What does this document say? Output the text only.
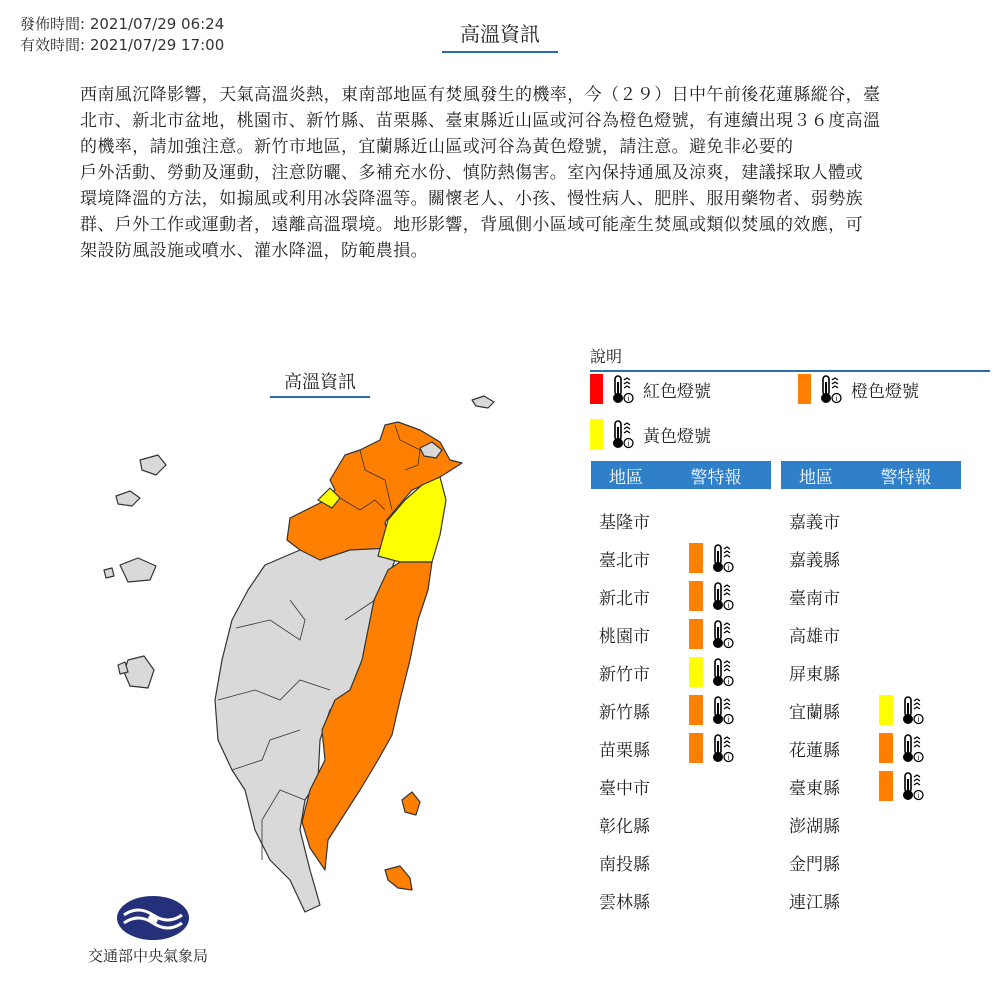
發佈時間: 2021/07/29 06:24
有效時間: 2021/07/29 17:00	高溫資訊

西南風沉降影響，天氣高溫炎熱，東南部地區有焚風發生的機率，今（２９）日中午前後花蓮縣縱谷，臺

北市、新北市盆地，桃園市、新竹縣、苗栗縣、臺東縣近山區或河谷為橙色燈號，有連續出現３６度高溫

的機率，請加強注意。新竹市地區，宜蘭縣近山區或河谷為黃色燈號，請注意。避免非必要的

戶外活動、勞動及運動，注意防曬、多補充水份、慎防熱傷害。室內保持通風及涼爽，建議採取人體或

環境降溫的方法，如搧風或利用冰袋降溫等。關懷老人、小孩、慢性病人、肥胖、服用藥物者、弱勢族

群、戶外工作或運動者，遠離高溫環境。地形影響，背風側小區域可能產生焚風或類似焚風的效應，可

架設防風設施或噴水、灌水降溫，防範農損。

高溫資訊
說明
i 紅色燈號	i 橙色燈號
i 黃色燈號
地區	警特報	地區	警特報
基隆市
臺北市	i
新北市	i
桃園市	i
新竹市	i
新竹縣	i
苗栗縣	i
臺中市
彰化縣
南投縣
雲林縣
嘉義市
嘉義縣
臺南市
高雄市
屏東縣
宜蘭縣	i
花蓮縣	i
臺東縣	i
澎湖縣
金門縣
連江縣
交通部中央氣象局
